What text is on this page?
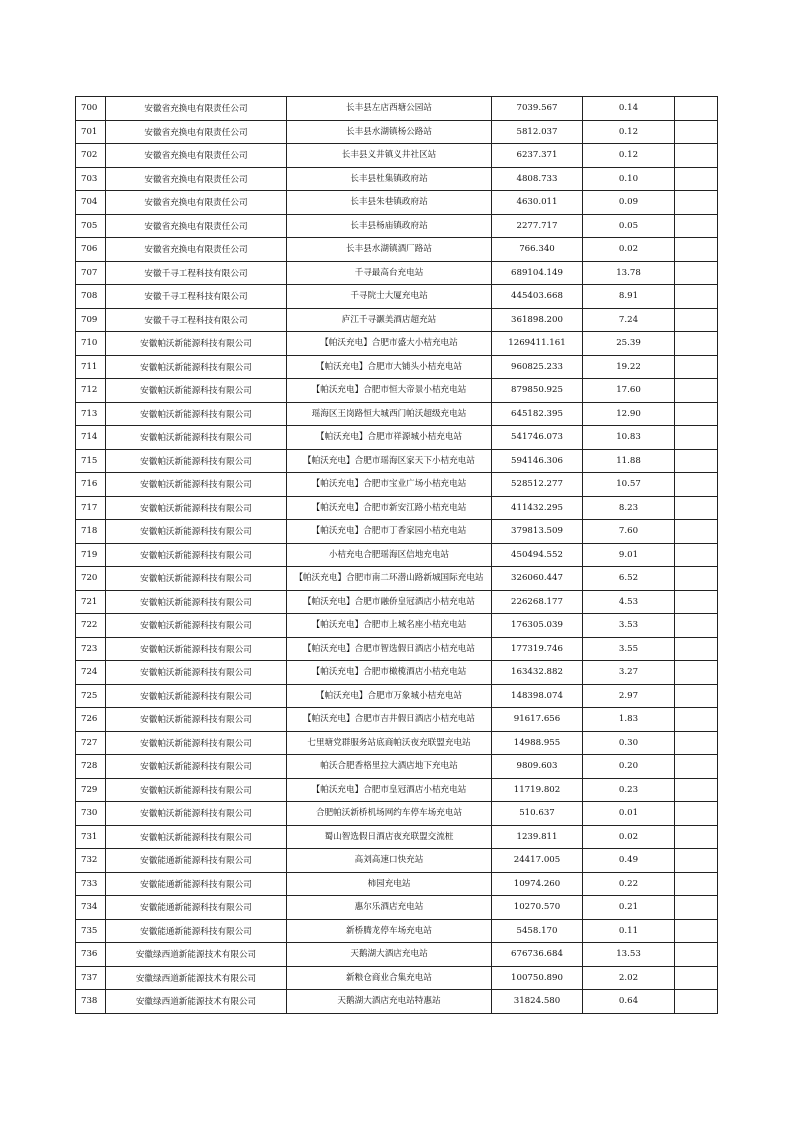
700	安徽省充换电有限责任公司	长丰县左店西塘公园站	7039.567	0.14	
701	安徽省充换电有限责任公司	长丰县水湖镇杨公路站	5812.037	0.12	
702	安徽省充换电有限责任公司	长丰县义井镇义井社区站	6237.371	0.12	
703	安徽省充换电有限责任公司	长丰县杜集镇政府站	4808.733	0.10	
704	安徽省充换电有限责任公司	长丰县朱巷镇政府站	4630.011	0.09	
705	安徽省充换电有限责任公司	长丰县杨庙镇政府站	2277.717	0.05	
706	安徽省充换电有限责任公司	长丰县水湖镇酒厂路站	766.340	0.02	
707	安徽千寻工程科技有限公司	千寻最高台充电站	689104.149	13.78	
708	安徽千寻工程科技有限公司	千寻院士大厦充电站	445403.668	8.91	
709	安徽千寻工程科技有限公司	庐江千寻灏美酒店超充站	361898.200	7.24	
710	安徽帕沃新能源科技有限公司	【帕沃充电】合肥市盛大小桔充电站	1269411.161	25.39	
711	安徽帕沃新能源科技有限公司	【帕沃充电】合肥市大铺头小桔充电站	960825.233	19.22	
712	安徽帕沃新能源科技有限公司	【帕沃充电】合肥市恒大帝景小桔充电站	879850.925	17.60	
713	安徽帕沃新能源科技有限公司	瑶海区王岗路恒大城西门帕沃超级充电站	645182.395	12.90	
714	安徽帕沃新能源科技有限公司	【帕沃充电】合肥市祥源城小桔充电站	541746.073	10.83	
715	安徽帕沃新能源科技有限公司	【帕沃充电】合肥市瑶海区家天下小桔充电站	594146.306	11.88	
716	安徽帕沃新能源科技有限公司	【帕沃充电】合肥市宝业广场小桔充电站	528512.277	10.57	
717	安徽帕沃新能源科技有限公司	【帕沃充电】合肥市新安江路小桔充电站	411432.295	8.23	
718	安徽帕沃新能源科技有限公司	【帕沃充电】合肥市丁香家园小桔充电站	379813.509	7.60	
719	安徽帕沃新能源科技有限公司	小桔充电合肥瑶海区信地充电站	450494.552	9.01	
720	安徽帕沃新能源科技有限公司	【帕沃充电】合肥市南二环潜山路新城国际充电站	326060.447	6.52	
721	安徽帕沃新能源科技有限公司	【帕沃充电】合肥市融侨皇冠酒店小桔充电站	226268.177	4.53	
722	安徽帕沃新能源科技有限公司	【帕沃充电】合肥市上城名座小桔充电站	176305.039	3.53	
723	安徽帕沃新能源科技有限公司	【帕沃充电】合肥市智选假日酒店小桔充电站	177319.746	3.55	
724	安徽帕沃新能源科技有限公司	【帕沃充电】合肥市橄榄酒店小桔充电站	163432.882	3.27	
725	安徽帕沃新能源科技有限公司	【帕沃充电】合肥市万象城小桔充电站	148398.074	2.97	
726	安徽帕沃新能源科技有限公司	【帕沃充电】合肥市吉井假日酒店小桔充电站	91617.656	1.83	
727	安徽帕沃新能源科技有限公司	七里塘党群服务站底商帕沃夜充联盟充电站	14988.955	0.30	
728	安徽帕沃新能源科技有限公司	帕沃合肥香格里拉大酒店地下充电站	9809.603	0.20	
729	安徽帕沃新能源科技有限公司	【帕沃充电】合肥市皇冠酒店小桔充电站	11719.802	0.23	
730	安徽帕沃新能源科技有限公司	合肥帕沃新桥机场网约车停车场充电站	510.637	0.01	
731	安徽帕沃新能源科技有限公司	蜀山智选假日酒店夜充联盟交流桩	1239.811	0.02	
732	安徽能通新能源科技有限公司	高刘高速口快充站	24417.005	0.49	
733	安徽能通新能源科技有限公司	柿园充电站	10974.260	0.22	
734	安徽能通新能源科技有限公司	惠尔乐酒店充电站	10270.570	0.21	
735	安徽能通新能源科技有限公司	新桥腾龙停车场充电站	5458.170	0.11	
736	安徽绿西道新能源技术有限公司	天鹅湖大酒店充电站	676736.684	13.53	
737	安徽绿西道新能源技术有限公司	新粮仓商业合集充电站	100750.890	2.02	
738	安徽绿西道新能源技术有限公司	天鹅湖大酒店充电站特惠站	31824.580	0.64	
